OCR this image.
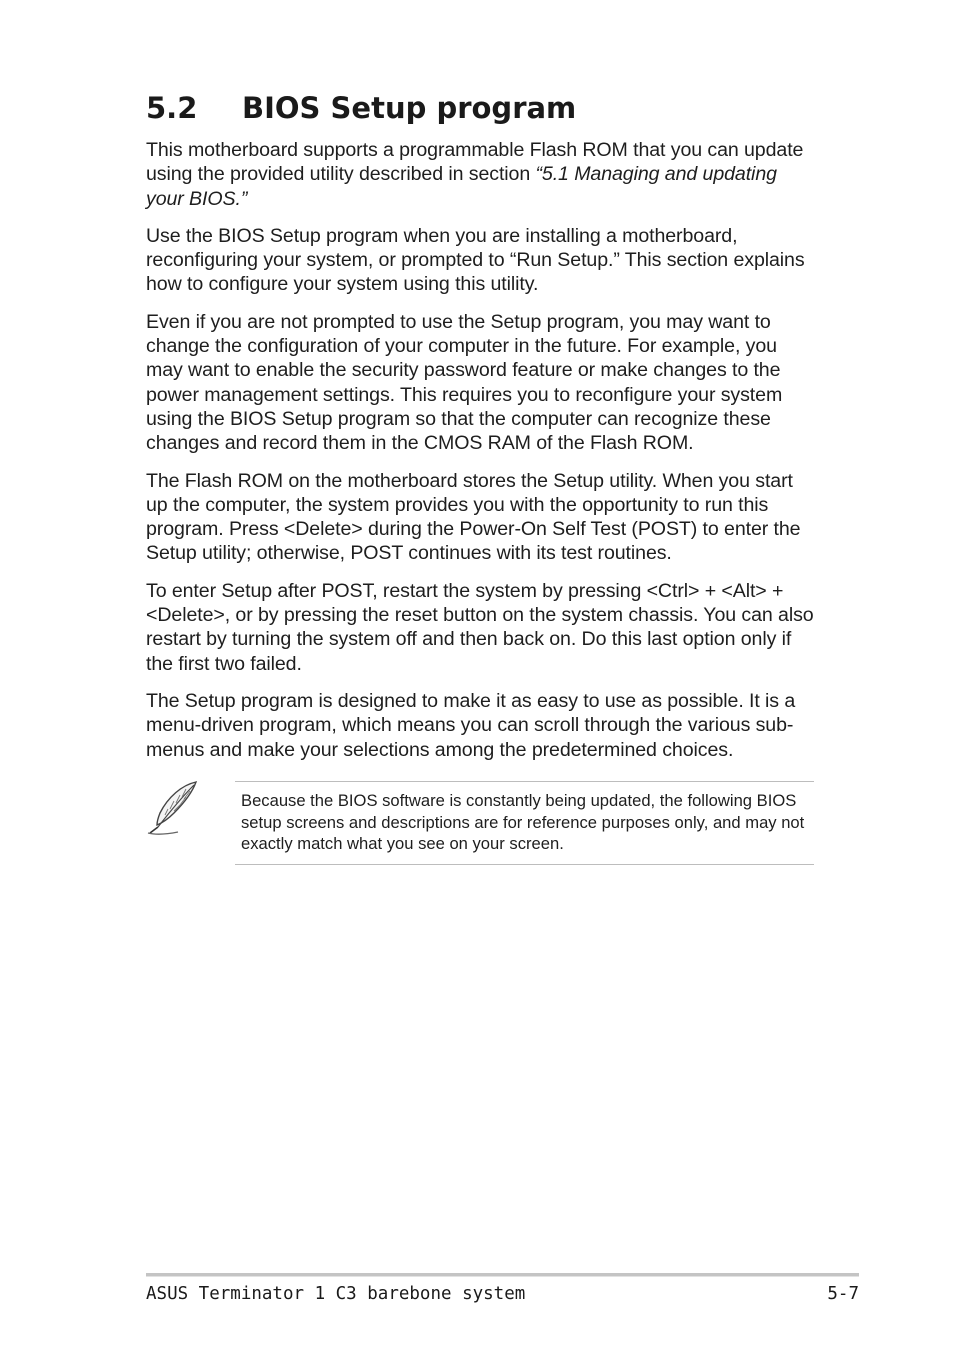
5.2	BIOS Setup program

This motherboard supports a programmable Flash ROM that you can update using the provided utility described in section “5.1 Managing and updating your BIOS.”

Use the BIOS Setup program when you are installing a motherboard, reconfiguring your system, or prompted to “Run Setup.” This section explains how to configure your system using this utility.

Even if you are not prompted to use the Setup program, you may want to change the configuration of your computer in the future. For example, you may want to enable the security password feature or make changes to the power management settings. This requires you to reconfigure your system using the BIOS Setup program so that the computer can recognize these changes and record them in the CMOS RAM of the Flash ROM.

The Flash ROM on the motherboard stores the Setup utility. When you start up the computer, the system provides you with the opportunity to run this program. Press <Delete> during the Power-On Self Test (POST) to enter the Setup utility; otherwise, POST continues with its test routines.

To enter Setup after POST, restart the system by pressing <Ctrl> + <Alt> + <Delete>, or by pressing the reset button on the system chassis. You can also restart by turning the system off and then back on. Do this last option only if the first two failed.

The Setup program is designed to make it as easy to use as possible. It is a menu-driven program, which means you can scroll through the various sub-menus and make your selections among the predetermined choices.

Because the BIOS software is constantly being updated, the following BIOS setup screens and descriptions are for reference purposes only, and may not exactly match what you see on your screen.

ASUS Terminator 1 C3 barebone system	5-7
